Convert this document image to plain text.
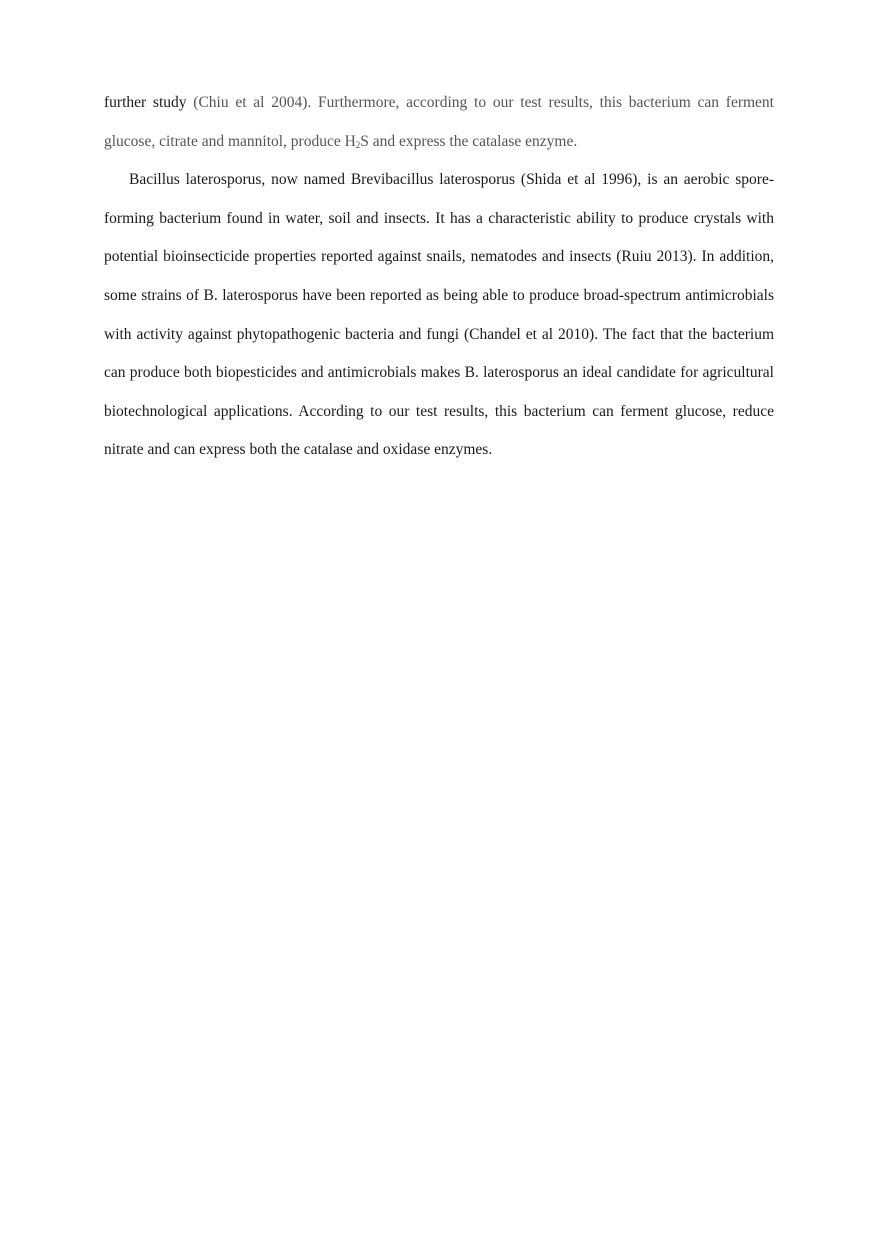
further study (Chiu et al 2004). Furthermore, according to our test results, this bacterium can ferment glucose, citrate and mannitol, produce $H_2S$ and express the catalase enzyme.

Bacillus laterosporus, now named Brevibacillus laterosporus (Shida et al 1996), is an aerobic spore-forming bacterium found in water, soil and insects. It has a characteristic ability to produce crystals with potential bioinsecticide properties reported against snails, nematodes and insects (Ruiu 2013). In addition, some strains of B. laterosporus have been reported as being able to produce broad-spectrum antimicrobials with activity against phytopathogenic bacteria and fungi (Chandel et al 2010). The fact that the bacterium can produce both biopesticides and antimicrobials makes B. laterosporus an ideal candidate for agricultural biotechnological applications. According to our test results, this bacterium can ferment glucose, reduce nitrate and can express both the catalase and oxidase enzymes.
